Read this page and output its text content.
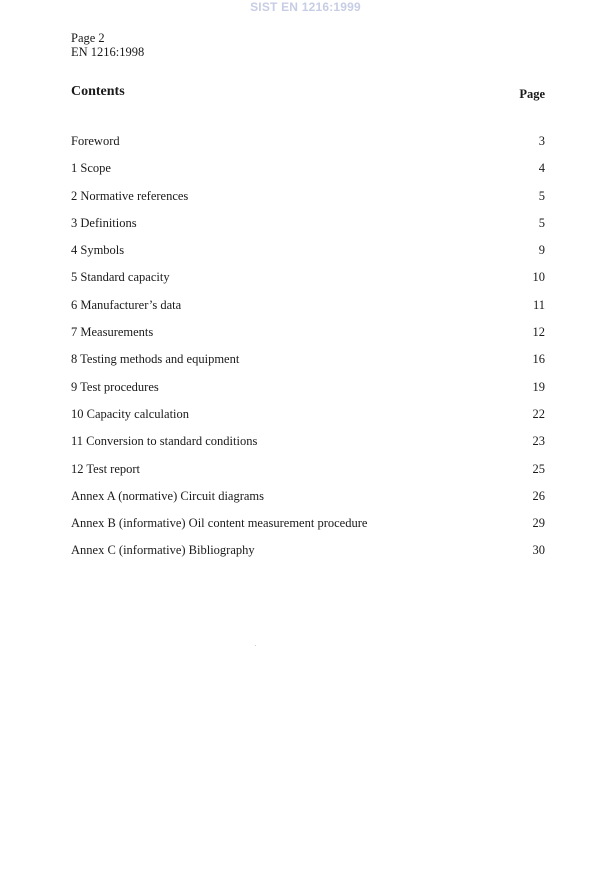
SIST EN 1216:1999
Page 2
EN 1216:1998
Contents	Page
Foreword	3
1 Scope	4
2 Normative references	5
3 Definitions	5
4 Symbols	9
5 Standard capacity	10
6 Manufacturer’s data	11
7 Measurements	12
8 Testing methods and equipment	16
9 Test procedures	19
10 Capacity calculation	22
11 Conversion to standard conditions	23
12 Test report	25
Annex A (normative) Circuit diagrams	26
Annex B (informative) Oil content measurement procedure	29
Annex C (informative) Bibliography	30
